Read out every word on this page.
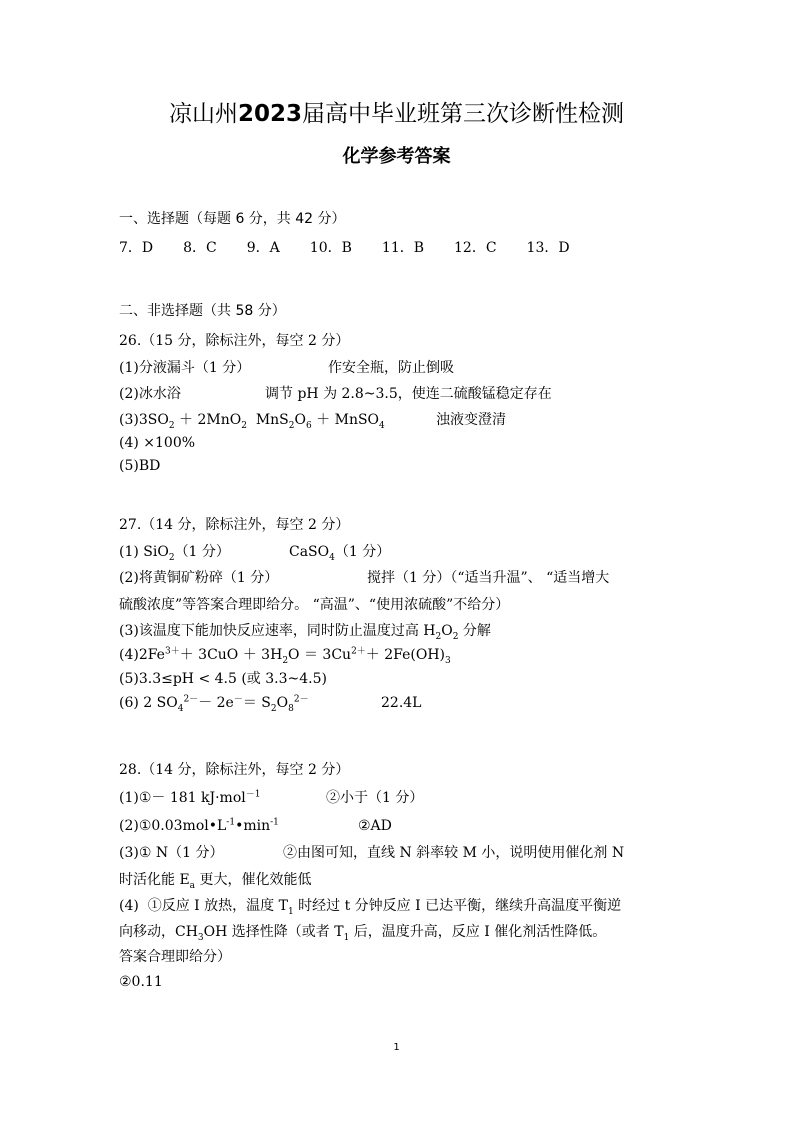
凉山州2023届高中毕业班第三次诊断性检测
化学参考答案
一、选择题（每题 6 分，共 42 分）
7．D 8．C 9．A 10．B 11．B 12．C 13．D
二、非选择题（共 58 分）
26.（15 分，除标注外，每空 2 分）
(1)分液漏斗（1 分）	作安全瓶，防止倒吸
(2)冰水浴	调节 pH 为 2.8~3.5，使连二硫酸锰稳定存在
$(3)3SO_2 + 2MnO_2$  $MnS_2O_6$ ＋ MnSO$_4$	浊液变澄清
(4) ×100%
(5)BD
27.（14 分，除标注外，每空 2 分）
(1) SiO$_2$（1 分）	CaSO$_4$（1 分）
(2)将黄铜矿粉碎（1 分）	搅拌（1 分）（“适当升温”、 “适当增大
硫酸浓度”等答案合理即给分。 “高温”、“使用浓硫酸”不给分）
(3)该温度下能加快反应速率，同时防止温度过高 $H_2O_2$ 分解
$(4)2Fe^{3+}+ 3CuO + 3H_2O = 3Cu^{2+}+ 2Fe(OH)_3$
(5)3.3≤pH < 4.5 (或 3.3~4.5)
(6) 2 $SO_4^{2-}- 2e^-= S_2O_8^{2-}$	22.4L
28.（14 分，除标注外，每空 2 分）
(1)①－ 181 kJ·mol$^{-1}$	②小于（1 分）
$(2)①0.03mol•L^{-1}•\min^{-1}$	②AD
(3)① N（1 分）	②由图可知，直线 N 斜率较 M 小，说明使用催化剂 N
时活化能 $E_a$ 更大，催化效能低
(4)  ①反应 I 放热，温度 $T_1$ 时经过 t 分钟反应 I 已达平衡，继续升高温度平衡逆
向移动，$CH_3OH$ 选择性降（或者 $T_1$ 后，温度升高，反应 I 催化剂活性降低。
答案合理即给分）
②0.11
1
